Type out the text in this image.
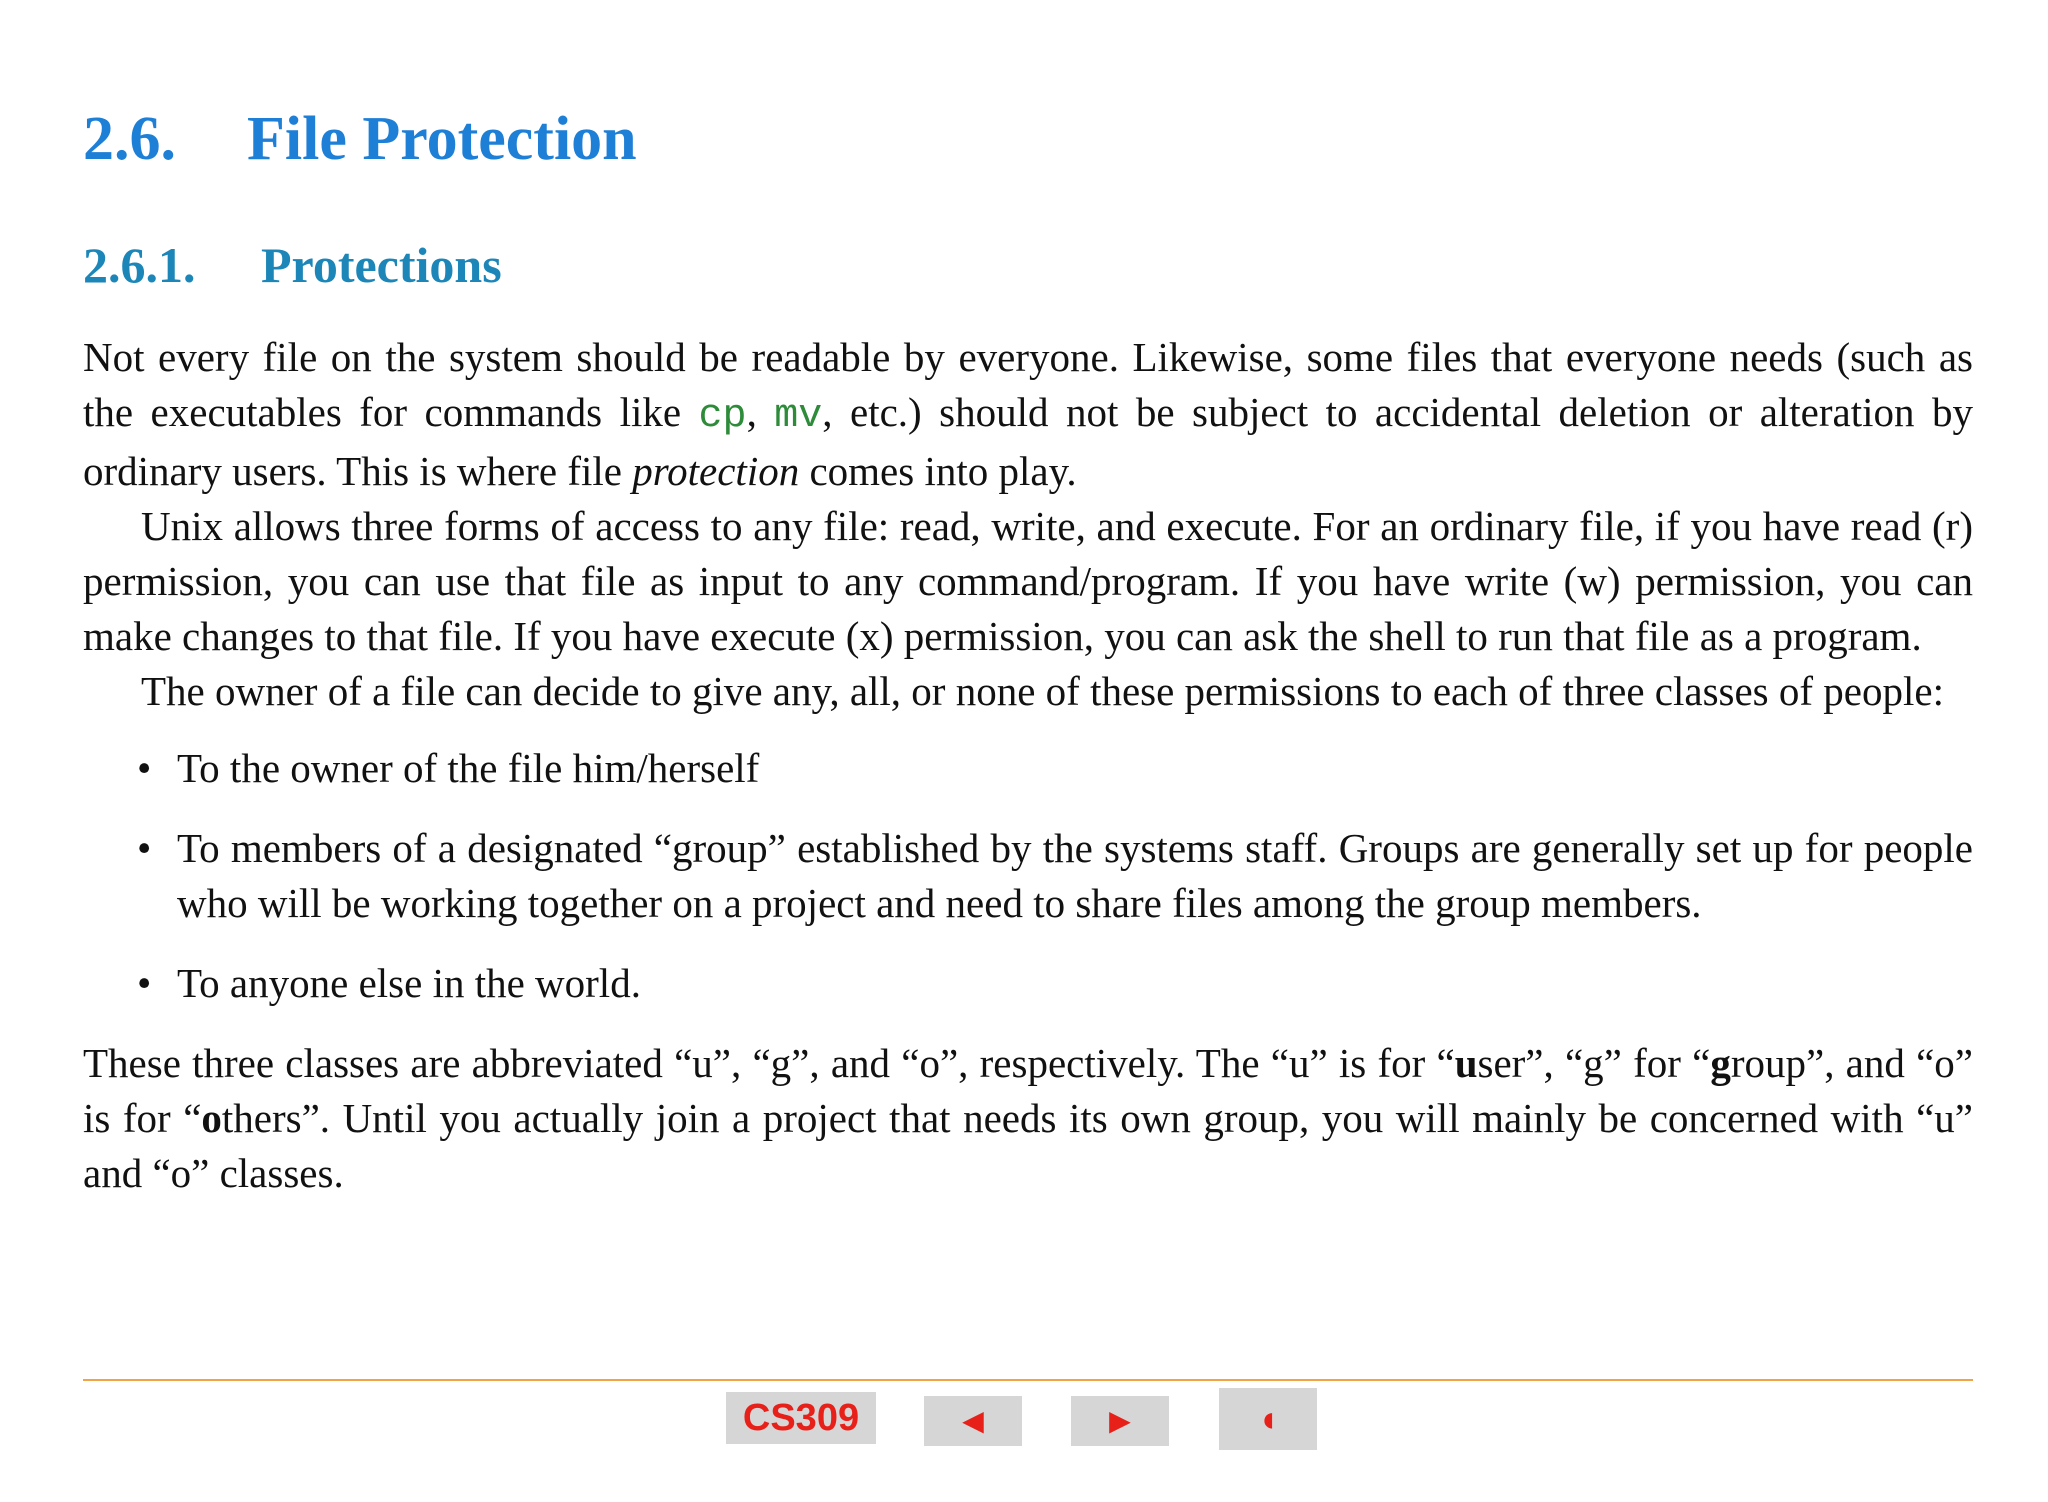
2.6. File Protection
2.6.1. Protections

Not every file on the system should be readable by everyone. Likewise, some files that everyone needs (such as the executables for commands like cp, mv, etc.) should not be subject to accidental deletion or alteration by ordinary users. This is where file protection comes into play.

Unix allows three forms of access to any file: read, write, and execute. For an ordinary file, if you have read (r) permission, you can use that file as input to any command/program. If you have write (w) permission, you can make changes to that file. If you have execute (x) permission, you can ask the shell to run that file as a program.

The owner of a file can decide to give any, all, or none of these permissions to each of three classes of people:

• To the owner of the file him/herself
• To members of a designated “group” established by the systems staff. Groups are generally set up for people who will be working together on a project and need to share files among the group members.
• To anyone else in the world.

These three classes are abbreviated “u”, “g”, and “o”, respectively. The “u” is for “user”, “g” for “group”, and “o” is for “others”. Until you actually join a project that needs its own group, you will mainly be concerned with “u” and “o” classes.

CS309	◄	►	◖
